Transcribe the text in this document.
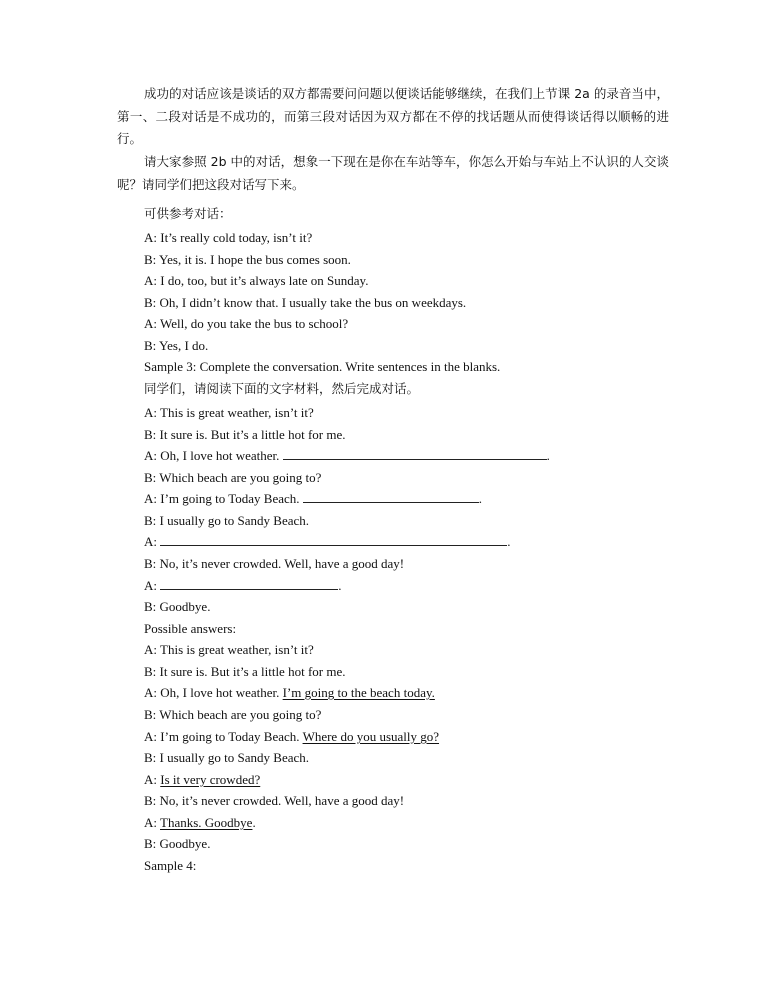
成功的对话应该是谈话的双方都需要问问题以便谈话能够继续，在我们上节课 2a 的录音当中，第一、二段对话是不成功的，而第三段对话因为双方都在不停的找话题从而使得谈话得以顺畅的进行。
请大家参照 2b 中的对话，想象一下现在是你在车站等车，你怎么开始与车站上不认识的人交谈呢？请同学们把这段对话写下来。
可供参考对话：
A: It’s really cold today, isn’t it?
B: Yes, it is. I hope the bus comes soon.
A: I do, too, but it’s always late on Sunday.
B: Oh, I didn’t know that. I usually take the bus on weekdays.
A: Well, do you take the bus to school?
B: Yes, I do.
Sample 3: Complete the conversation. Write sentences in the blanks.
同学们，请阅读下面的文字材料，然后完成对话。
A: This is great weather, isn’t it?
B: It sure is. But it’s a little hot for me.
A: Oh, I love hot weather.	.
B: Which beach are you going to?
A: I’m going to Today Beach.	.
B: I usually go to Sandy Beach.
A:	.
B: No, it’s never crowded. Well, have a good day!
A:	.
B: Goodbye.
Possible answers:
A: This is great weather, isn’t it?
B: It sure is. But it’s a little hot for me.
A: Oh, I love hot weather. I’m going to the beach today.
B: Which beach are you going to?
A: I’m going to Today Beach. Where do you usually go?
B: I usually go to Sandy Beach.
A: Is it very crowded?
B: No, it’s never crowded. Well, have a good day!
A: Thanks. Goodbye.
B: Goodbye.
Sample 4:
